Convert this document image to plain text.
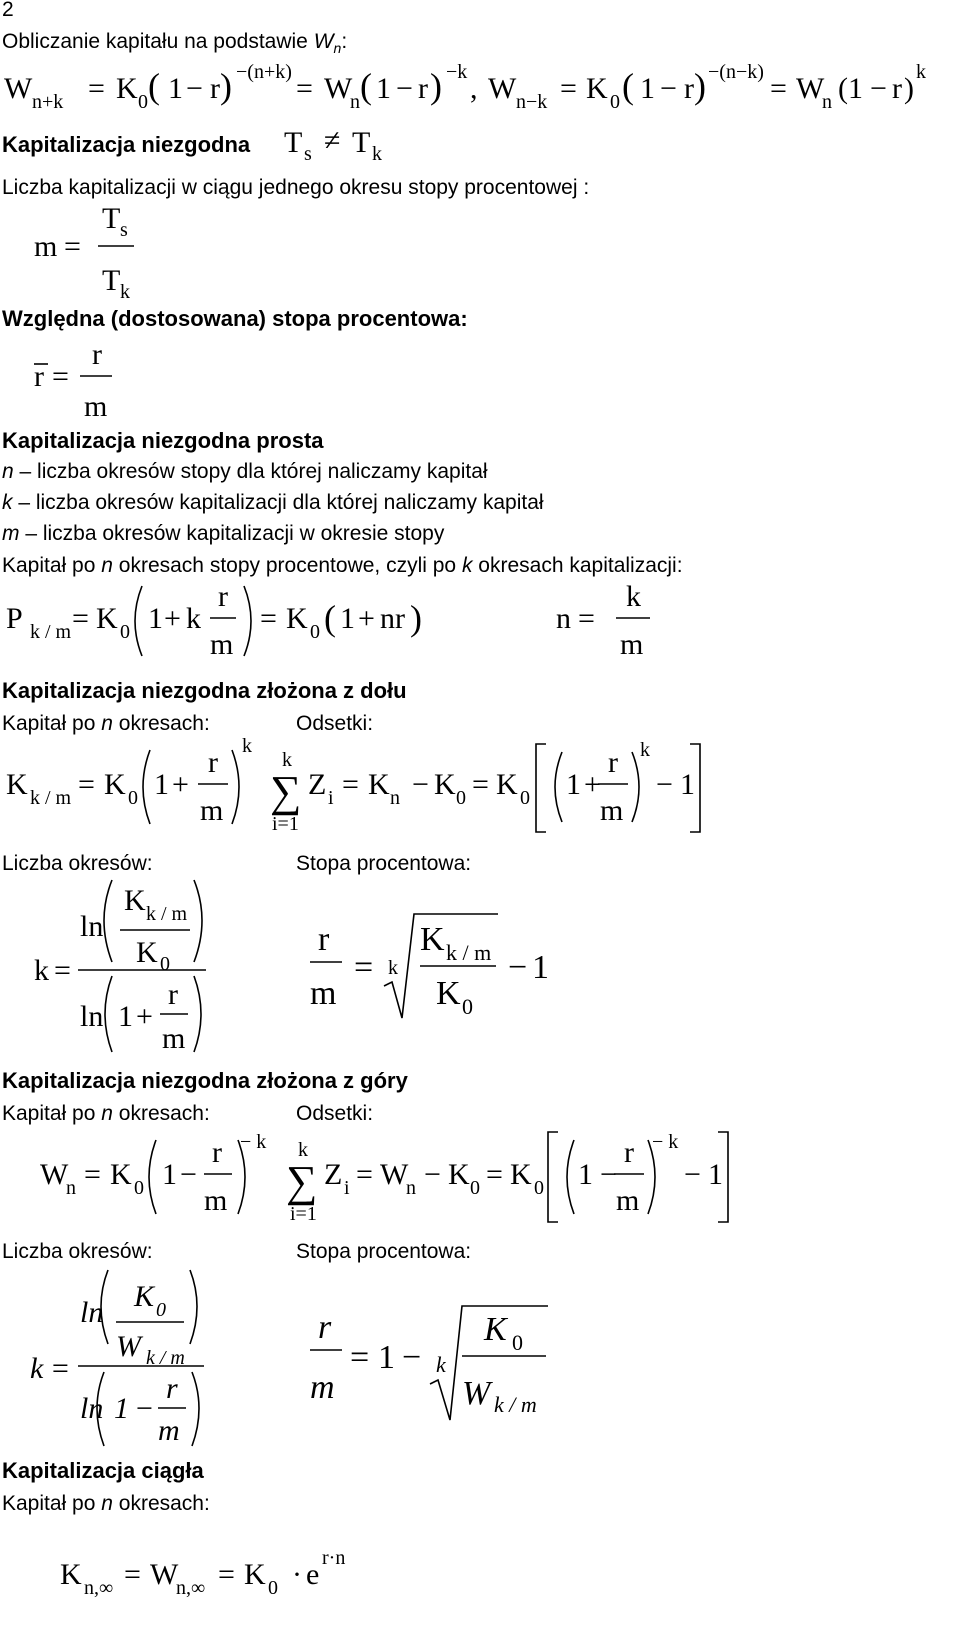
2
Obliczanie kapitału na podstawie $W_n$:
Kapitalizacja niezgodna
Liczba kapitalizacji w ciągu jednego okresu stopy procentowej :
Względna (dostosowana) stopa procentowa:
Kapitalizacja niezgodna prosta
n – liczba okresów stopy dla której naliczamy kapitał
k – liczba okresów kapitalizacji dla której naliczamy kapitał
m – liczba okresów kapitalizacji w okresie stopy
Kapitał po n okresach stopy procentowe, czyli po k okresach kapitalizacji:
Kapitalizacja niezgodna złożona z dołu
Kapitał po n okresach:	Odsetki:
Liczba okresów:	Stopa procentowa:
Kapitalizacja niezgodna złożona z góry
Kapitał po n okresach:	Odsetki:
Liczba okresów:	Stopa procentowa:
Kapitalizacja ciągła
Kapitał po n okresach:
W n+k = K 0 ( 1 − r ) −(n+k) = W
n ( 1 − r ) −k , W n−k = K 0 ( 1 − r ) −(n−k) = W
n (1 − r ) k
T s ≠ T k
m =
T s
T k
r =
r
m
P k / m = K 0 1 + k
r
m
= K 0 ( 1 + nr )	n =
k
m
K k / m = K 0 1 +
r
m
k
k
∑
i=1
Z i = K n − K 0 = K 0 1 +
r
m
k
− 1
k =
ln
K k / m
K 0
ln 1 +
r
m
r
m
= k
K k / m
K 0
− 1
W
n = K 0 1 −
r
m
− k k
∑
i=1
Z i = W
n − K 0 = K 0 1 −
r
m
− k
− 1
k =
ln K 0
W k / m
ln 1 −
r
m
r
m
= 1 − k
K 0
W k / m
K n,∞ = W
n,∞ = K 0 · e r·n
